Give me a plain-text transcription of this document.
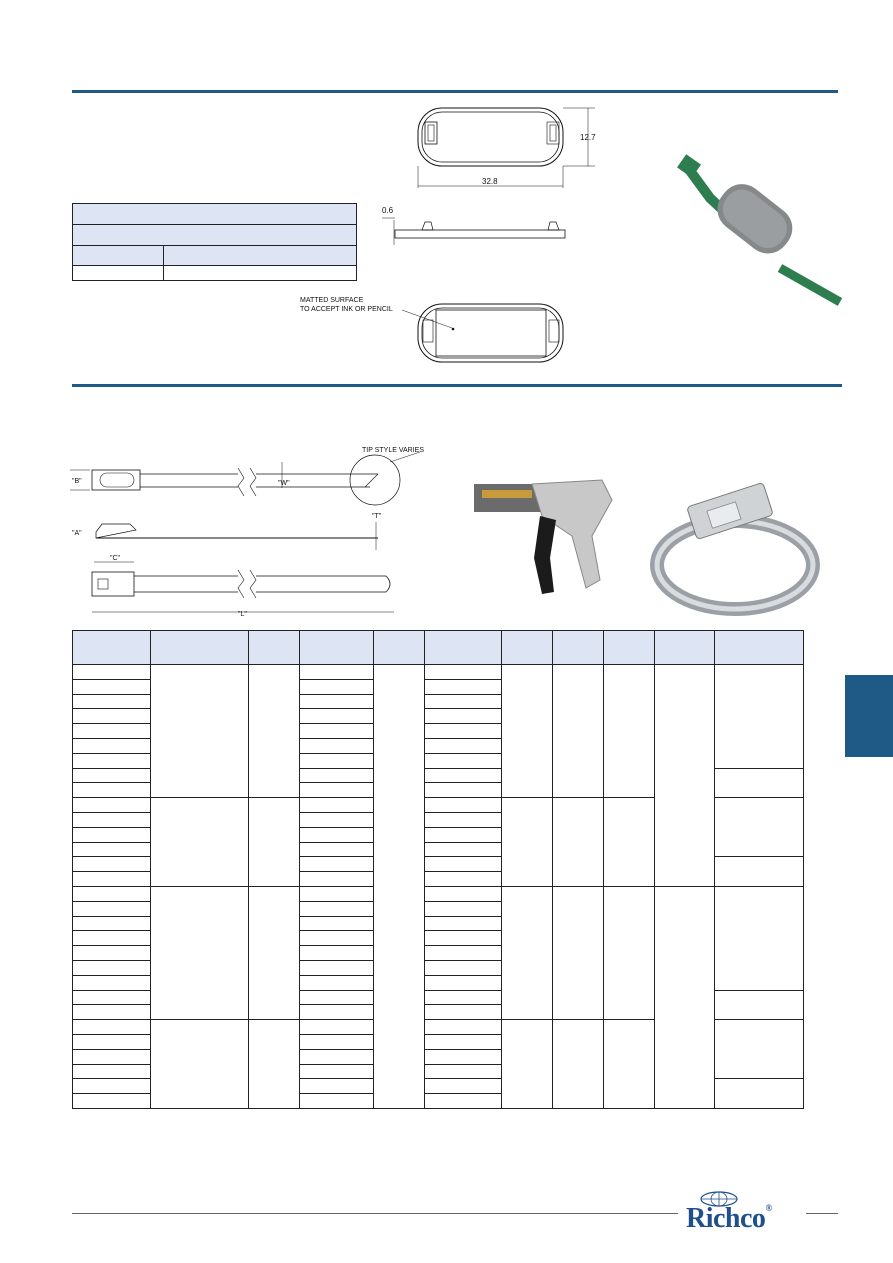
12.7
32.8
0.6
MATTED SURFACE
TO ACCEPT INK OR PENCIL
TIP STYLE VARIES
"W"
"B"
"A"
"T"
"C"
"L"

Richco®
